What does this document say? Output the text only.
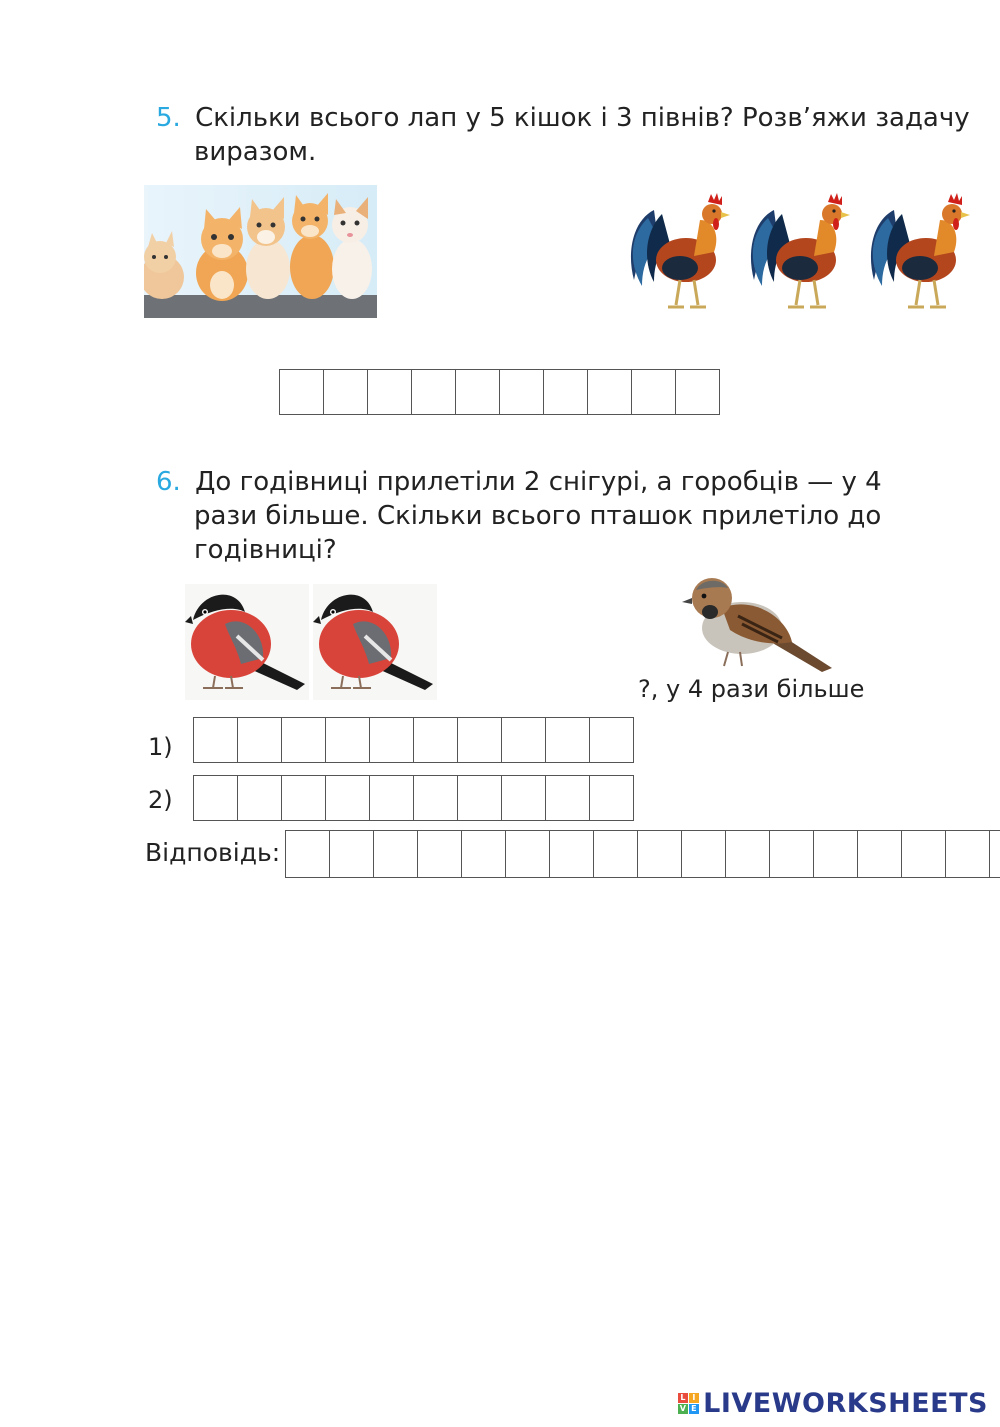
5. Скільки всього лап у 5 кішок і 3 півнів? Розв’яжи задачу
виразом.
6. До годівниці прилетіли 2 снігурі, а горобців — у 4
рази більше. Скільки всього пташок прилетіло до
годівниці?
?, у 4 рази більше
1)
2)
Відповідь:
L I
V E LIVEWORKSHEETS
